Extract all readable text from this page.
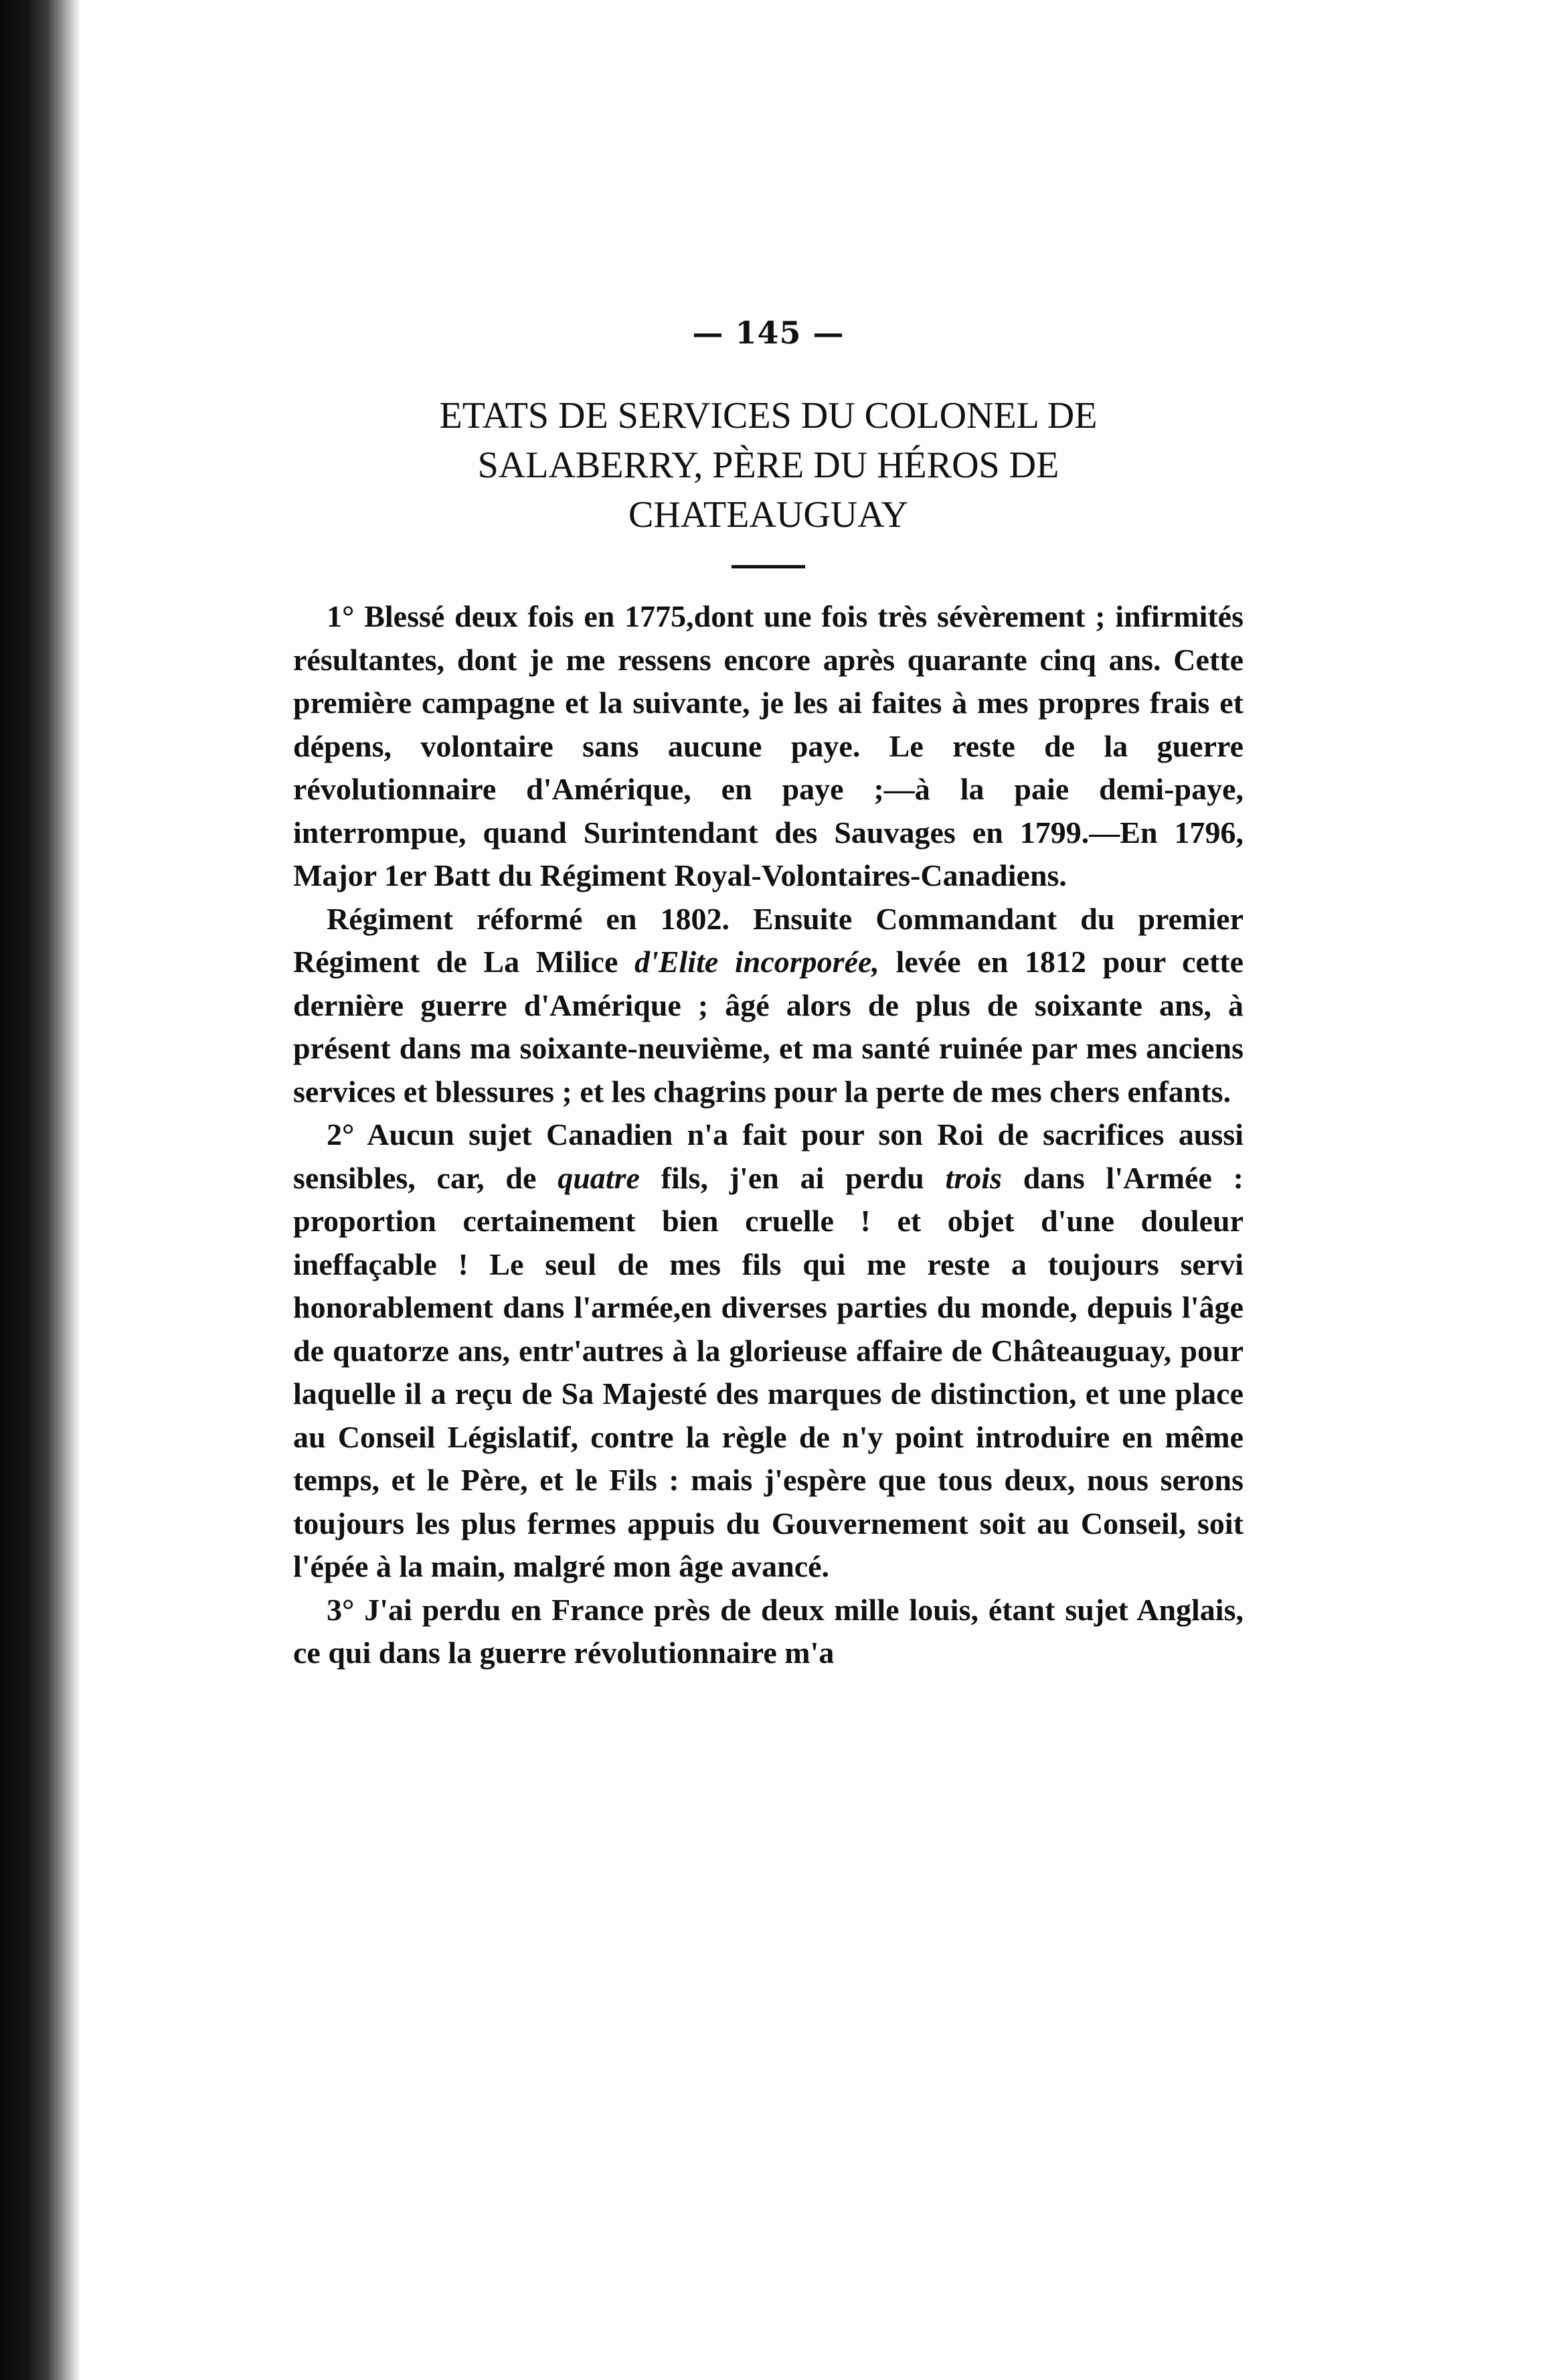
— 145 —
ETATS DE SERVICES DU COLONEL DE
SALABERRY, PÈRE DU HÉROS DE
CHATEAUGUAY

1° Blessé deux fois en 1775,dont une fois très sévèrement ; infirmités résultantes, dont je me ressens encore après quarante cinq ans. Cette première campagne et la suivante, je les ai faites à mes propres frais et dépens, volontaire sans aucune paye. Le reste de la guerre révolutionnaire d'Amérique, en paye ;—à la paie demi-paye, interrompue, quand Surintendant des Sauvages en 1799.—En 1796, Major 1er Batt du Régiment Royal-Volontaires-Canadiens.

Régiment réformé en 1802. Ensuite Commandant du premier Régiment de La Milice d'Elite incorporée, levée en 1812 pour cette dernière guerre d'Amérique ; âgé alors de plus de soixante ans, à présent dans ma soixante-neuvième, et ma santé ruinée par mes anciens services et blessures ; et les chagrins pour la perte de mes chers enfants.

2° Aucun sujet Canadien n'a fait pour son Roi de sacrifices aussi sensibles, car, de quatre fils, j'en ai perdu trois dans l'Armée : proportion certainement bien cruelle ! et objet d'une douleur ineffaçable ! Le seul de mes fils qui me reste a toujours servi honorablement dans l'armée,en diverses parties du monde, depuis l'âge de quatorze ans, entr'autres à la glorieuse affaire de Châteauguay, pour laquelle il a reçu de Sa Majesté des marques de distinction, et une place au Conseil Législatif, contre la règle de n'y point introduire en même temps, et le Père, et le Fils : mais j'espère que tous deux, nous serons toujours les plus fermes appuis du Gouvernement soit au Conseil, soit l'épée à la main, malgré mon âge avancé.

3° J'ai perdu en France près de deux mille louis, étant sujet Anglais, ce qui dans la guerre révolutionnaire m'a
